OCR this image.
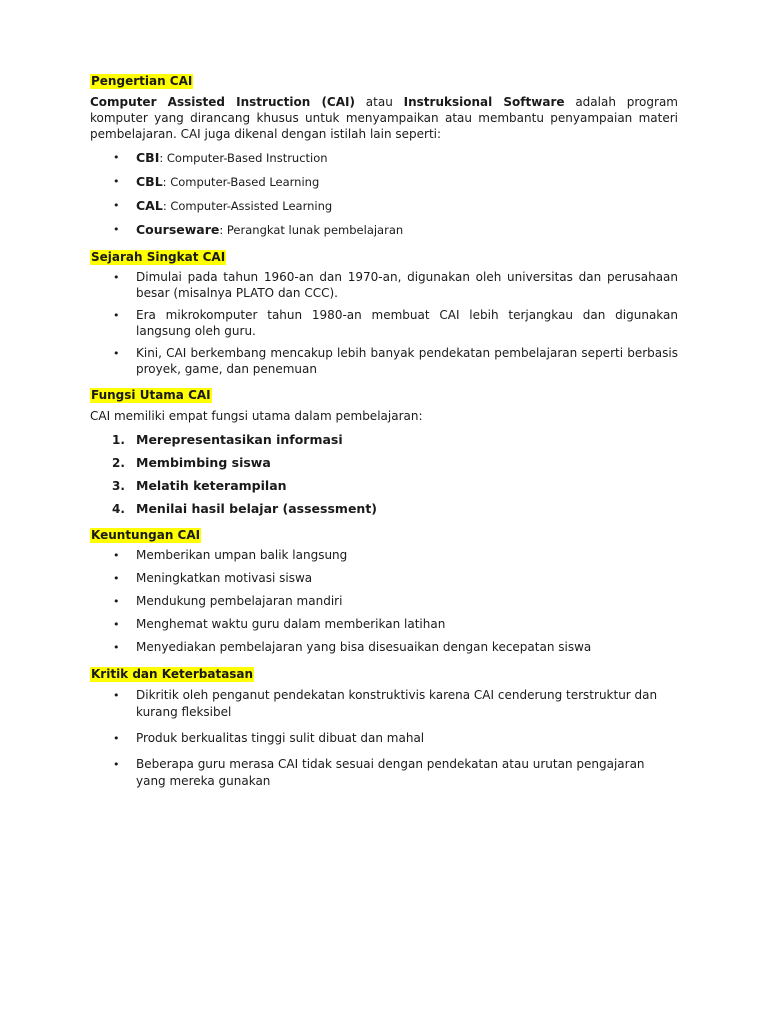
Pengertian CAI

Computer Assisted Instruction (CAI) atau Instruksional Software adalah program komputer yang dirancang khusus untuk menyampaikan atau membantu penyampaian materi pembelajaran. CAI juga dikenal dengan istilah lain seperti:

• CBI: Computer-Based Instruction
• CBL: Computer-Based Learning
• CAL: Computer-Assisted Learning
• Courseware: Perangkat lunak pembelajaran
Sejarah Singkat CAI
• Dimulai pada tahun 1960-an dan 1970-an, digunakan oleh universitas dan perusahaan besar (misalnya PLATO dan CCC).
• Era mikrokomputer tahun 1980-an membuat CAI lebih terjangkau dan digunakan langsung oleh guru.
• Kini, CAI berkembang mencakup lebih banyak pendekatan pembelajaran seperti berbasis proyek, game, dan penemuan
Fungsi Utama CAI

CAI memiliki empat fungsi utama dalam pembelajaran:

1. Merepresentasikan informasi
2. Membimbing siswa
3. Melatih keterampilan
4. Menilai hasil belajar (assessment)
Keuntungan CAI
• Memberikan umpan balik langsung
• Meningkatkan motivasi siswa
• Mendukung pembelajaran mandiri
• Menghemat waktu guru dalam memberikan latihan
• Menyediakan pembelajaran yang bisa disesuaikan dengan kecepatan siswa
Kritik dan Keterbatasan
• Dikritik oleh penganut pendekatan konstruktivis karena CAI cenderung terstruktur dan kurang fleksibel
• Produk berkualitas tinggi sulit dibuat dan mahal
• Beberapa guru merasa CAI tidak sesuai dengan pendekatan atau urutan pengajaran yang mereka gunakan
